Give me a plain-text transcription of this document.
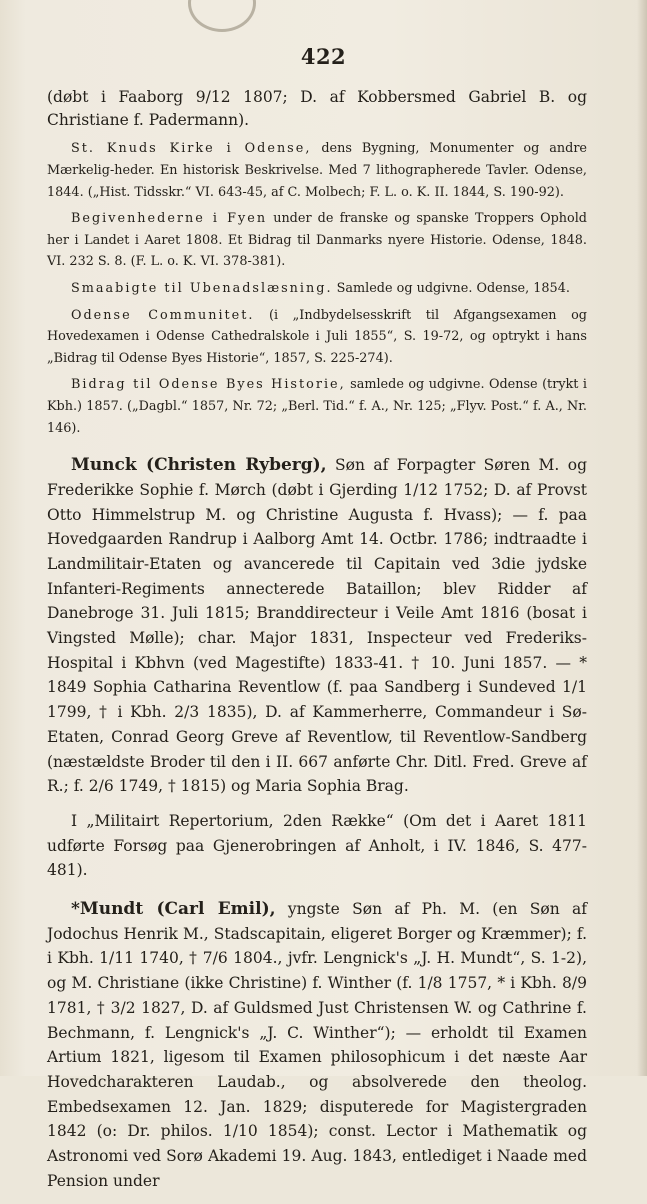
422

(døbt i Faaborg 9/12 1807; D. af Kobbersmed Gabriel B. og Christiane f. Padermann).

St. Knuds Kirke i Odense, dens Bygning, Monumenter og andre Mærkelig-heder. En historisk Beskrivelse. Med 7 lithographerede Tavler. Odense, 1844. („Hist. Tidsskr.“ VI. 643-45, af C. Molbech; F. L. o. K. II. 1844, S. 190-92).

Begivenhederne i Fyen under de franske og spanske Troppers Ophold her i Landet i Aaret 1808. Et Bidrag til Danmarks nyere Historie. Odense, 1848. VI. 232 S. 8. (F. L. o. K. VI. 378-381).

Smaabigte til Ubenadslæsning. Samlede og udgivne. Odense, 1854.

Odense Communitet. (i „Indbydelsesskrift til Afgangsexamen og Hovedexamen i Odense Cathedralskole i Juli 1855“, S. 19-72, og optrykt i hans „Bidrag til Odense Byes Historie“, 1857, S. 225-274).

Bidrag til Odense Byes Historie, samlede og udgivne. Odense (trykt i Kbh.) 1857. („Dagbl.“ 1857, Nr. 72; „Berl. Tid.“ f. A., Nr. 125; „Flyv. Post.“ f. A., Nr. 146).

Munck (Christen Ryberg), Søn af Forpagter Søren M. og Frederikke Sophie f. Mørch (døbt i Gjerding 1/12 1752; D. af Provst Otto Himmelstrup M. og Christine Augusta f. Hvass); — f. paa Hovedgaarden Randrup i Aalborg Amt 14. Octbr. 1786; indtraadte i Landmilitair-Etaten og avancerede til Capitain ved 3die jydske Infanteri-Regiments annecterede Bataillon; blev Ridder af Danebroge 31. Juli 1815; Branddirecteur i Veile Amt 1816 (bosat i Vingsted Mølle); char. Major 1831, Inspecteur ved Frederiks-Hospital i Kbhvn (ved Magestifte) 1833-41. † 10. Juni 1857. — * 1849 Sophia Catharina Reventlow (f. paa Sandberg i Sundeved 1/1 1799, † i Kbh. 2/3 1835), D. af Kammerherre, Commandeur i Sø-Etaten, Conrad Georg Greve af Reventlow, til Reventlow-Sandberg (næstældste Broder til den i II. 667 anførte Chr. Ditl. Fred. Greve af R.; f. 2/6 1749, † 1815) og Maria Sophia Brag.

I „Militairt Repertorium, 2den Række“ (Om det i Aaret 1811 udførte Forsøg paa Gjenerobringen af Anholt, i IV. 1846, S. 477-481).

*Mundt (Carl Emil), yngste Søn af Ph. M. (en Søn af Jodochus Henrik M., Stadscapitain, eligeret Borger og Kræmmer); f. i Kbh. 1/11 1740, † 7/6 1804., jvfr. Lengnick's „J. H. Mundt“, S. 1-2), og M. Christiane (ikke Christine) f. Winther (f. 1/8 1757, * i Kbh. 8/9 1781, † 3/2 1827, D. af Guldsmed Just Christensen W. og Cathrine f. Bechmann, f. Lengnick's „J. C. Winther“); — erholdt til Examen Artium 1821, ligesom til Examen philosophicum i det næste Aar Hovedcharakteren Laudab., og absolverede den theolog. Embedsexamen 12. Jan. 1829; disputerede for Magistergraden 1842 (o: Dr. philos. 1/10 1854); const. Lector i Mathematik og Astronomi ved Sorø Akademi 19. Aug. 1843, entlediget i Naade med Pension under
